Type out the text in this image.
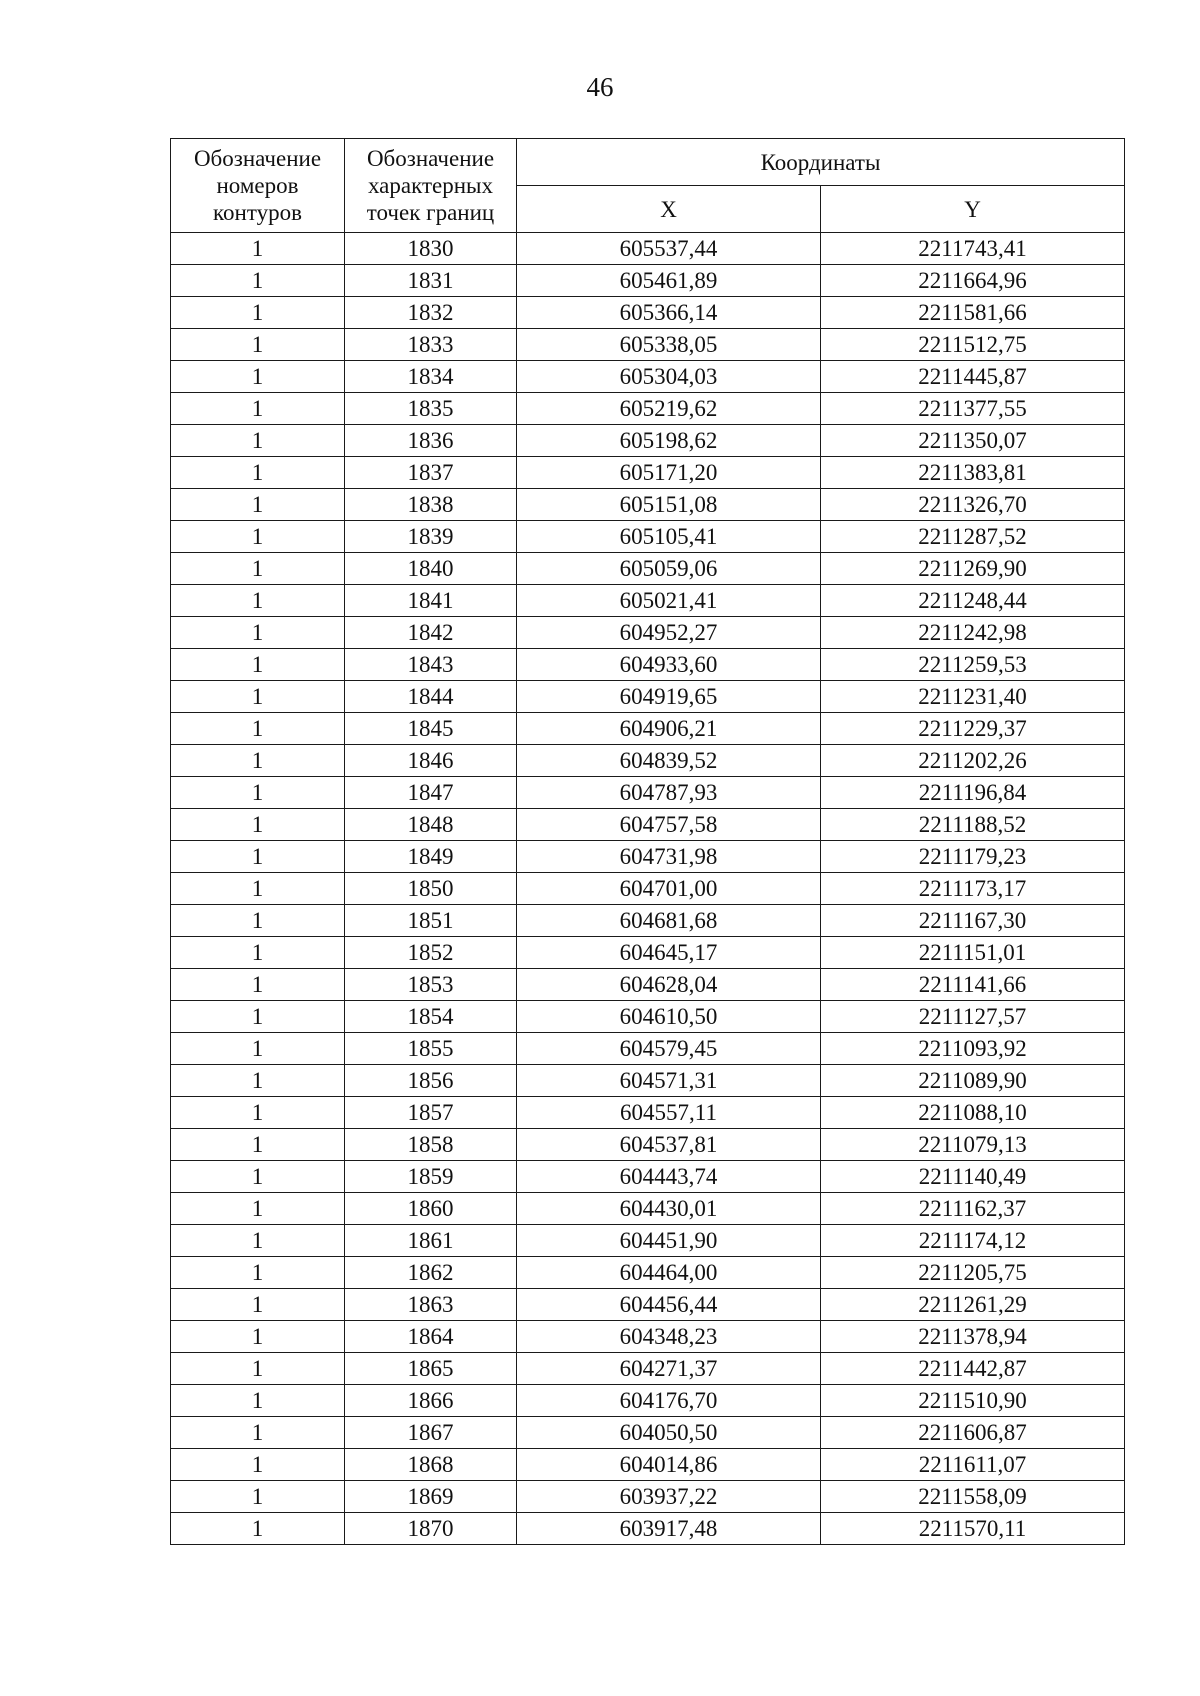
46
Обозначение номеров контуров	Обозначение характерных точек границ	Координаты	
		X	Y
1	1830	605537,44	2211743,41
1	1831	605461,89	2211664,96
1	1832	605366,14	2211581,66
1	1833	605338,05	2211512,75
1	1834	605304,03	2211445,87
1	1835	605219,62	2211377,55
1	1836	605198,62	2211350,07
1	1837	605171,20	2211383,81
1	1838	605151,08	2211326,70
1	1839	605105,41	2211287,52
1	1840	605059,06	2211269,90
1	1841	605021,41	2211248,44
1	1842	604952,27	2211242,98
1	1843	604933,60	2211259,53
1	1844	604919,65	2211231,40
1	1845	604906,21	2211229,37
1	1846	604839,52	2211202,26
1	1847	604787,93	2211196,84
1	1848	604757,58	2211188,52
1	1849	604731,98	2211179,23
1	1850	604701,00	2211173,17
1	1851	604681,68	2211167,30
1	1852	604645,17	2211151,01
1	1853	604628,04	2211141,66
1	1854	604610,50	2211127,57
1	1855	604579,45	2211093,92
1	1856	604571,31	2211089,90
1	1857	604557,11	2211088,10
1	1858	604537,81	2211079,13
1	1859	604443,74	2211140,49
1	1860	604430,01	2211162,37
1	1861	604451,90	2211174,12
1	1862	604464,00	2211205,75
1	1863	604456,44	2211261,29
1	1864	604348,23	2211378,94
1	1865	604271,37	2211442,87
1	1866	604176,70	2211510,90
1	1867	604050,50	2211606,87
1	1868	604014,86	2211611,07
1	1869	603937,22	2211558,09
1	1870	603917,48	2211570,11
